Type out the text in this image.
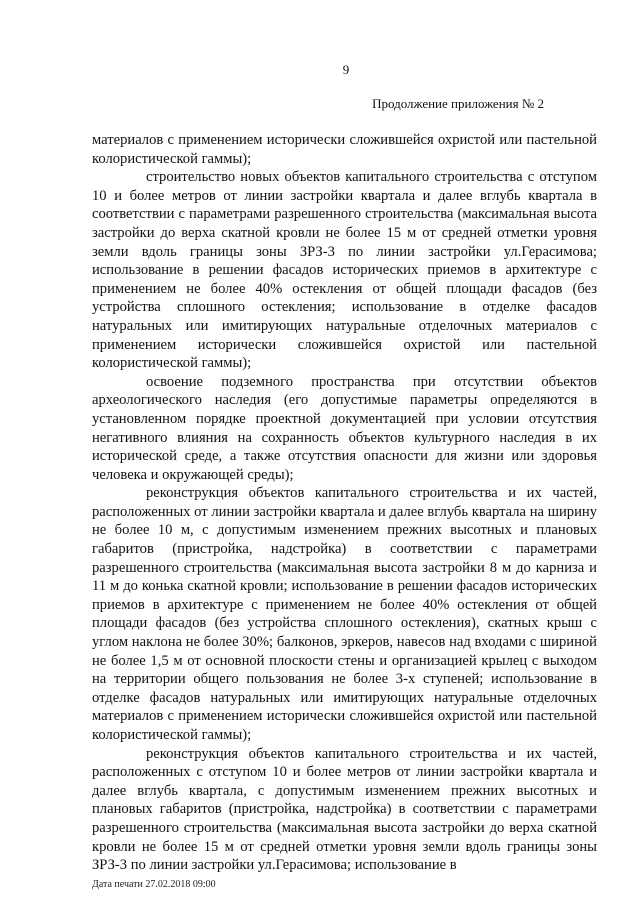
9
Продолжение приложения № 2

материалов с применением исторически сложившейся охристой или пастельной колористической гаммы);

строительство новых объектов капитального строительства с отступом 10 и более метров от линии застройки квартала и далее вглубь квартала в соответствии с параметрами разрешенного строительства (максимальная высота застройки до верха скатной кровли не более 15 м от средней отметки уровня земли вдоль границы зоны ЗРЗ-3 по линии застройки ул.Герасимова; использование в решении фасадов исторических приемов в архитектуре с применением не более 40% остекления от общей площади фасадов (без устройства сплошного остекления; использование в отделке фасадов натуральных или имитирующих натуральные отделочных материалов с применением исторически сложившейся охристой или пастельной колористической гаммы);

освоение подземного пространства при отсутствии объектов археологического наследия (его допустимые параметры определяются в установленном порядке проектной документацией при условии отсутствия негативного влияния на сохранность объектов культурного наследия в их исторической среде, а также отсутствия опасности для жизни или здоровья человека и окружающей среды);

реконструкция объектов капитального строительства и их частей, расположенных от линии застройки квартала и далее вглубь квартала на ширину не более 10 м, с допустимым изменением прежних высотных и плановых габаритов (пристройка, надстройка) в соответствии с параметрами разрешенного строительства (максимальная высота застройки 8 м до карниза и 11 м до конька скатной кровли; использование в решении фасадов исторических приемов в архитектуре с применением не более 40% остекления от общей площади фасадов (без устройства сплошного остекления), скатных крыш с углом наклона не более 30%; балконов, эркеров, навесов над входами с шириной не более 1,5 м от основной плоскости стены и организацией крылец с выходом на территории общего пользования не более 3-х ступеней; использование в отделке фасадов натуральных или имитирующих натуральные отделочных материалов с применением исторически сложившейся охристой или пастельной колористической гаммы);

реконструкция объектов капитального строительства и их частей, расположенных с отступом 10 и более метров от линии застройки квартала и далее вглубь квартала, с допустимым изменением прежних высотных и плановых габаритов (пристройка, надстройка) в соответствии с параметрами разрешенного строительства (максимальная высота застройки до верха скатной кровли не более 15 м от средней отметки уровня земли вдоль границы зоны ЗРЗ-3 по линии застройки ул.Герасимова; использование в

Дата печати 27.02.2018 09:00
